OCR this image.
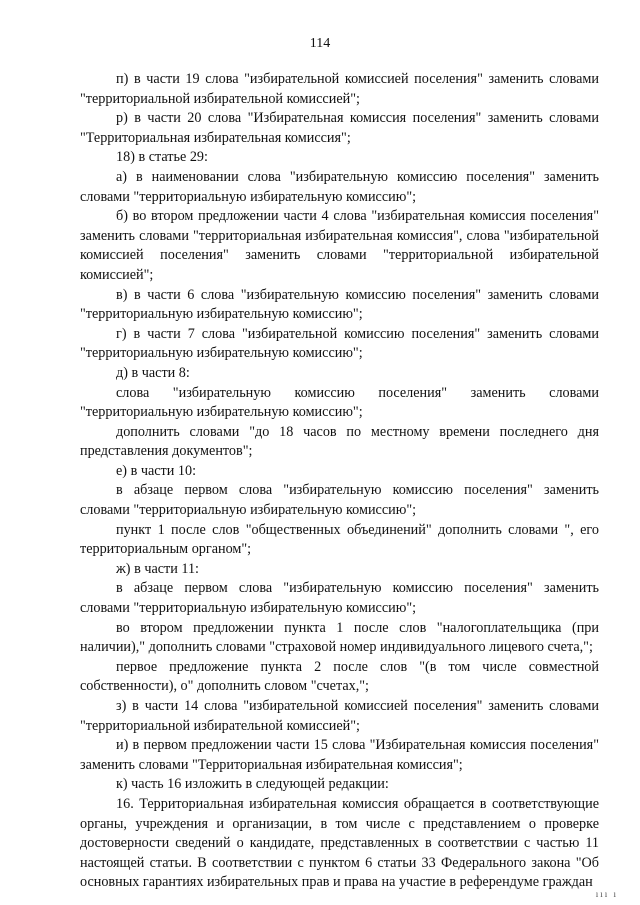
114

п) в части 19 слова "избирательной комиссией поселения" заменить словами "территориальной избирательной комиссией";

р) в части 20 слова "Избирательная комиссия поселения" заменить словами "Территориальная избирательная комиссия";

18) в статье 29:

а) в наименовании слова "избирательную комиссию поселения" заменить словами "территориальную избирательную комиссию";

б) во втором предложении части 4 слова "избирательная комиссия поселения" заменить словами "территориальная избирательная комиссия", слова "избирательной комиссией поселения" заменить словами "территориальной избирательной комиссией";

в) в части 6 слова "избирательную комиссию поселения" заменить словами "территориальную избирательную комиссию";

г) в части 7 слова "избирательной комиссию поселения" заменить словами "территориальную избирательную комиссию";

д) в части 8:

слова "избирательную комиссию поселения" заменить словами "территориальную избирательную комиссию";

дополнить словами "до 18 часов по местному времени последнего дня представления документов";

е) в части 10:

в абзаце первом слова "избирательную комиссию поселения" заменить словами "территориальную избирательную комиссию";

пункт 1 после слов "общественных объединений" дополнить словами ", его территориальным органом";

ж) в части 11:

в абзаце первом слова "избирательную комиссию поселения" заменить словами "территориальную избирательную комиссию";

во втором предложении пункта 1 после слов "налогоплательщика (при наличии)," дополнить словами "страховой номер индивидуального лицевого счета,";

первое предложение пункта 2 после слов "(в том числе совместной собственности), о" дополнить словом "счетах,";

з) в части 14 слова "избирательной комиссией поселения" заменить словами "территориальной избирательной комиссией";

и) в первом предложении части 15 слова "Избирательная комиссия поселения" заменить словами "Территориальная избирательная комиссия";

к) часть 16 изложить в следующей редакции:

16. Территориальная избирательная комиссия обращается в соответствующие органы, учреждения и организации, в том числе с представлением о проверке достоверности сведений о кандидате, представленных в соответствии с частью 11 настоящей статьи. В соответствии с пунктом 6 статьи 33 Федерального закона "Об основных гарантиях избирательных прав и права на участие в референдуме граждан

ııı ı
